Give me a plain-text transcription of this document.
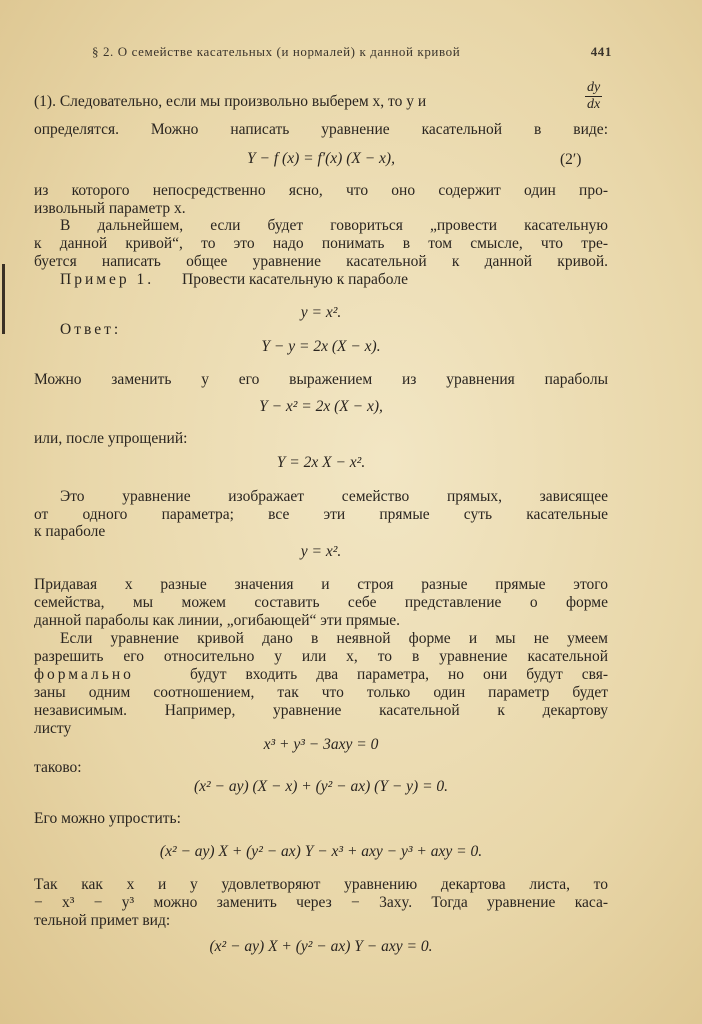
§ 2. О семействе касательных (и нормалей) к данной кривой	441
(1). Следовательно, если мы произвольно выберем x, то y и	$\frac{dy}{dx}$
определятся. Можно написать уравнение касательной в виде:
Y − f (x) = f′(x) (X − x),	(2′)
из которого непосредственно ясно, что оно содержит один про-
извольный параметр x.
В дальнейшем, если будет говориться „провести касательную
к данной кривой“, то это надо понимать в том смысле, что тре-
буется написать общее уравнение касательной к данной кривой.
Пример 1. Провести касательную к параболе
y = x².
Ответ:
Y − y = 2x (X − x).
Можно заменить y его выражением из уравнения параболы
Y − x² = 2x (X − x),
или, после упрощений:
Y = 2x X − x².
Это уравнение изображает семейство прямых, зависящее
от одного параметра; все эти прямые суть касательные
к параболе
y = x².
Придавая x разные значения и строя разные прямые этого
семейства, мы можем составить себе представление о форме
данной параболы как линии, „огибающей“ эти прямые.
Если уравнение кривой дано в неявной форме и мы не умеем
разрешить его относительно y или x, то в уравнение касательной
формально	будут входить два параметра, но они будут свя-
заны одним соотношением, так что только один параметр будет
независимым. Например, уравнение касательной к декартову
листу
x³ + y³ − 3axy = 0
таково:
(x² − ay) (X − x) + (y² − ax) (Y − y) = 0.
Его можно упростить:
(x² − ay) X + (y² − ax) Y − x³ + axy − y³ + axy = 0.
Так как x и y удовлетворяют уравнению декартова листа, то
− x³ − y³ можно заменить через − 3axy. Тогда уравнение каса-
тельной примет вид:
(x² − ay) X + (y² − ax) Y − axy = 0.
